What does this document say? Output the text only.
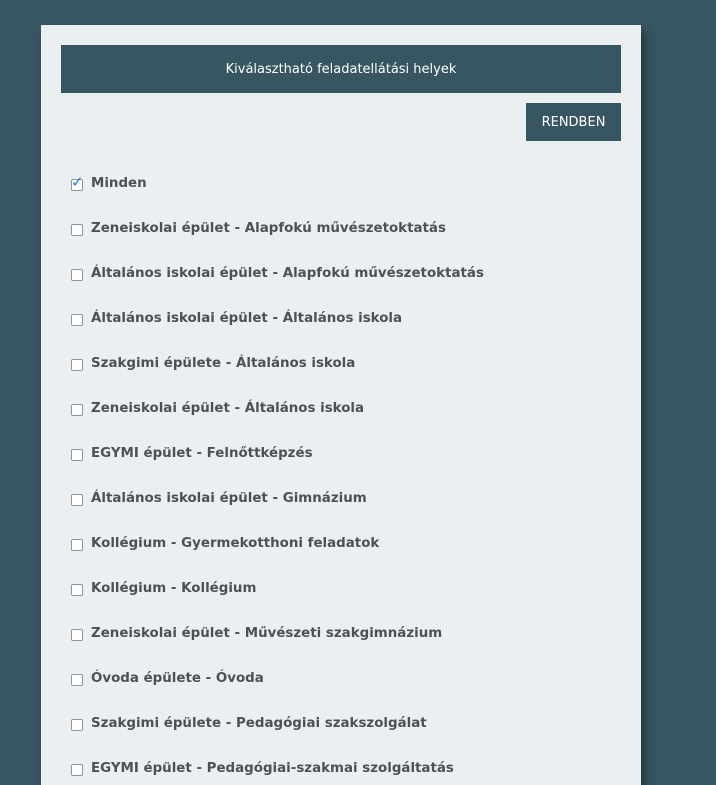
Kiválasztható feladatellátási helyek
RENDBEN
✓ Minden
Zeneiskolai épület - Alapfokú művészetoktatás
Általános iskolai épület - Alapfokú művészetoktatás
Általános iskolai épület - Általános iskola
Szakgimi épülete - Általános iskola
Zeneiskolai épület - Általános iskola
EGYMI épület - Felnőttképzés
Általános iskolai épület - Gimnázium
Kollégium - Gyermekotthoni feladatok
Kollégium - Kollégium
Zeneiskolai épület - Művészeti szakgimnázium
Óvoda épülete - Óvoda
Szakgimi épülete - Pedagógiai szakszolgálat
EGYMI épület - Pedagógiai-szakmai szolgáltatás
